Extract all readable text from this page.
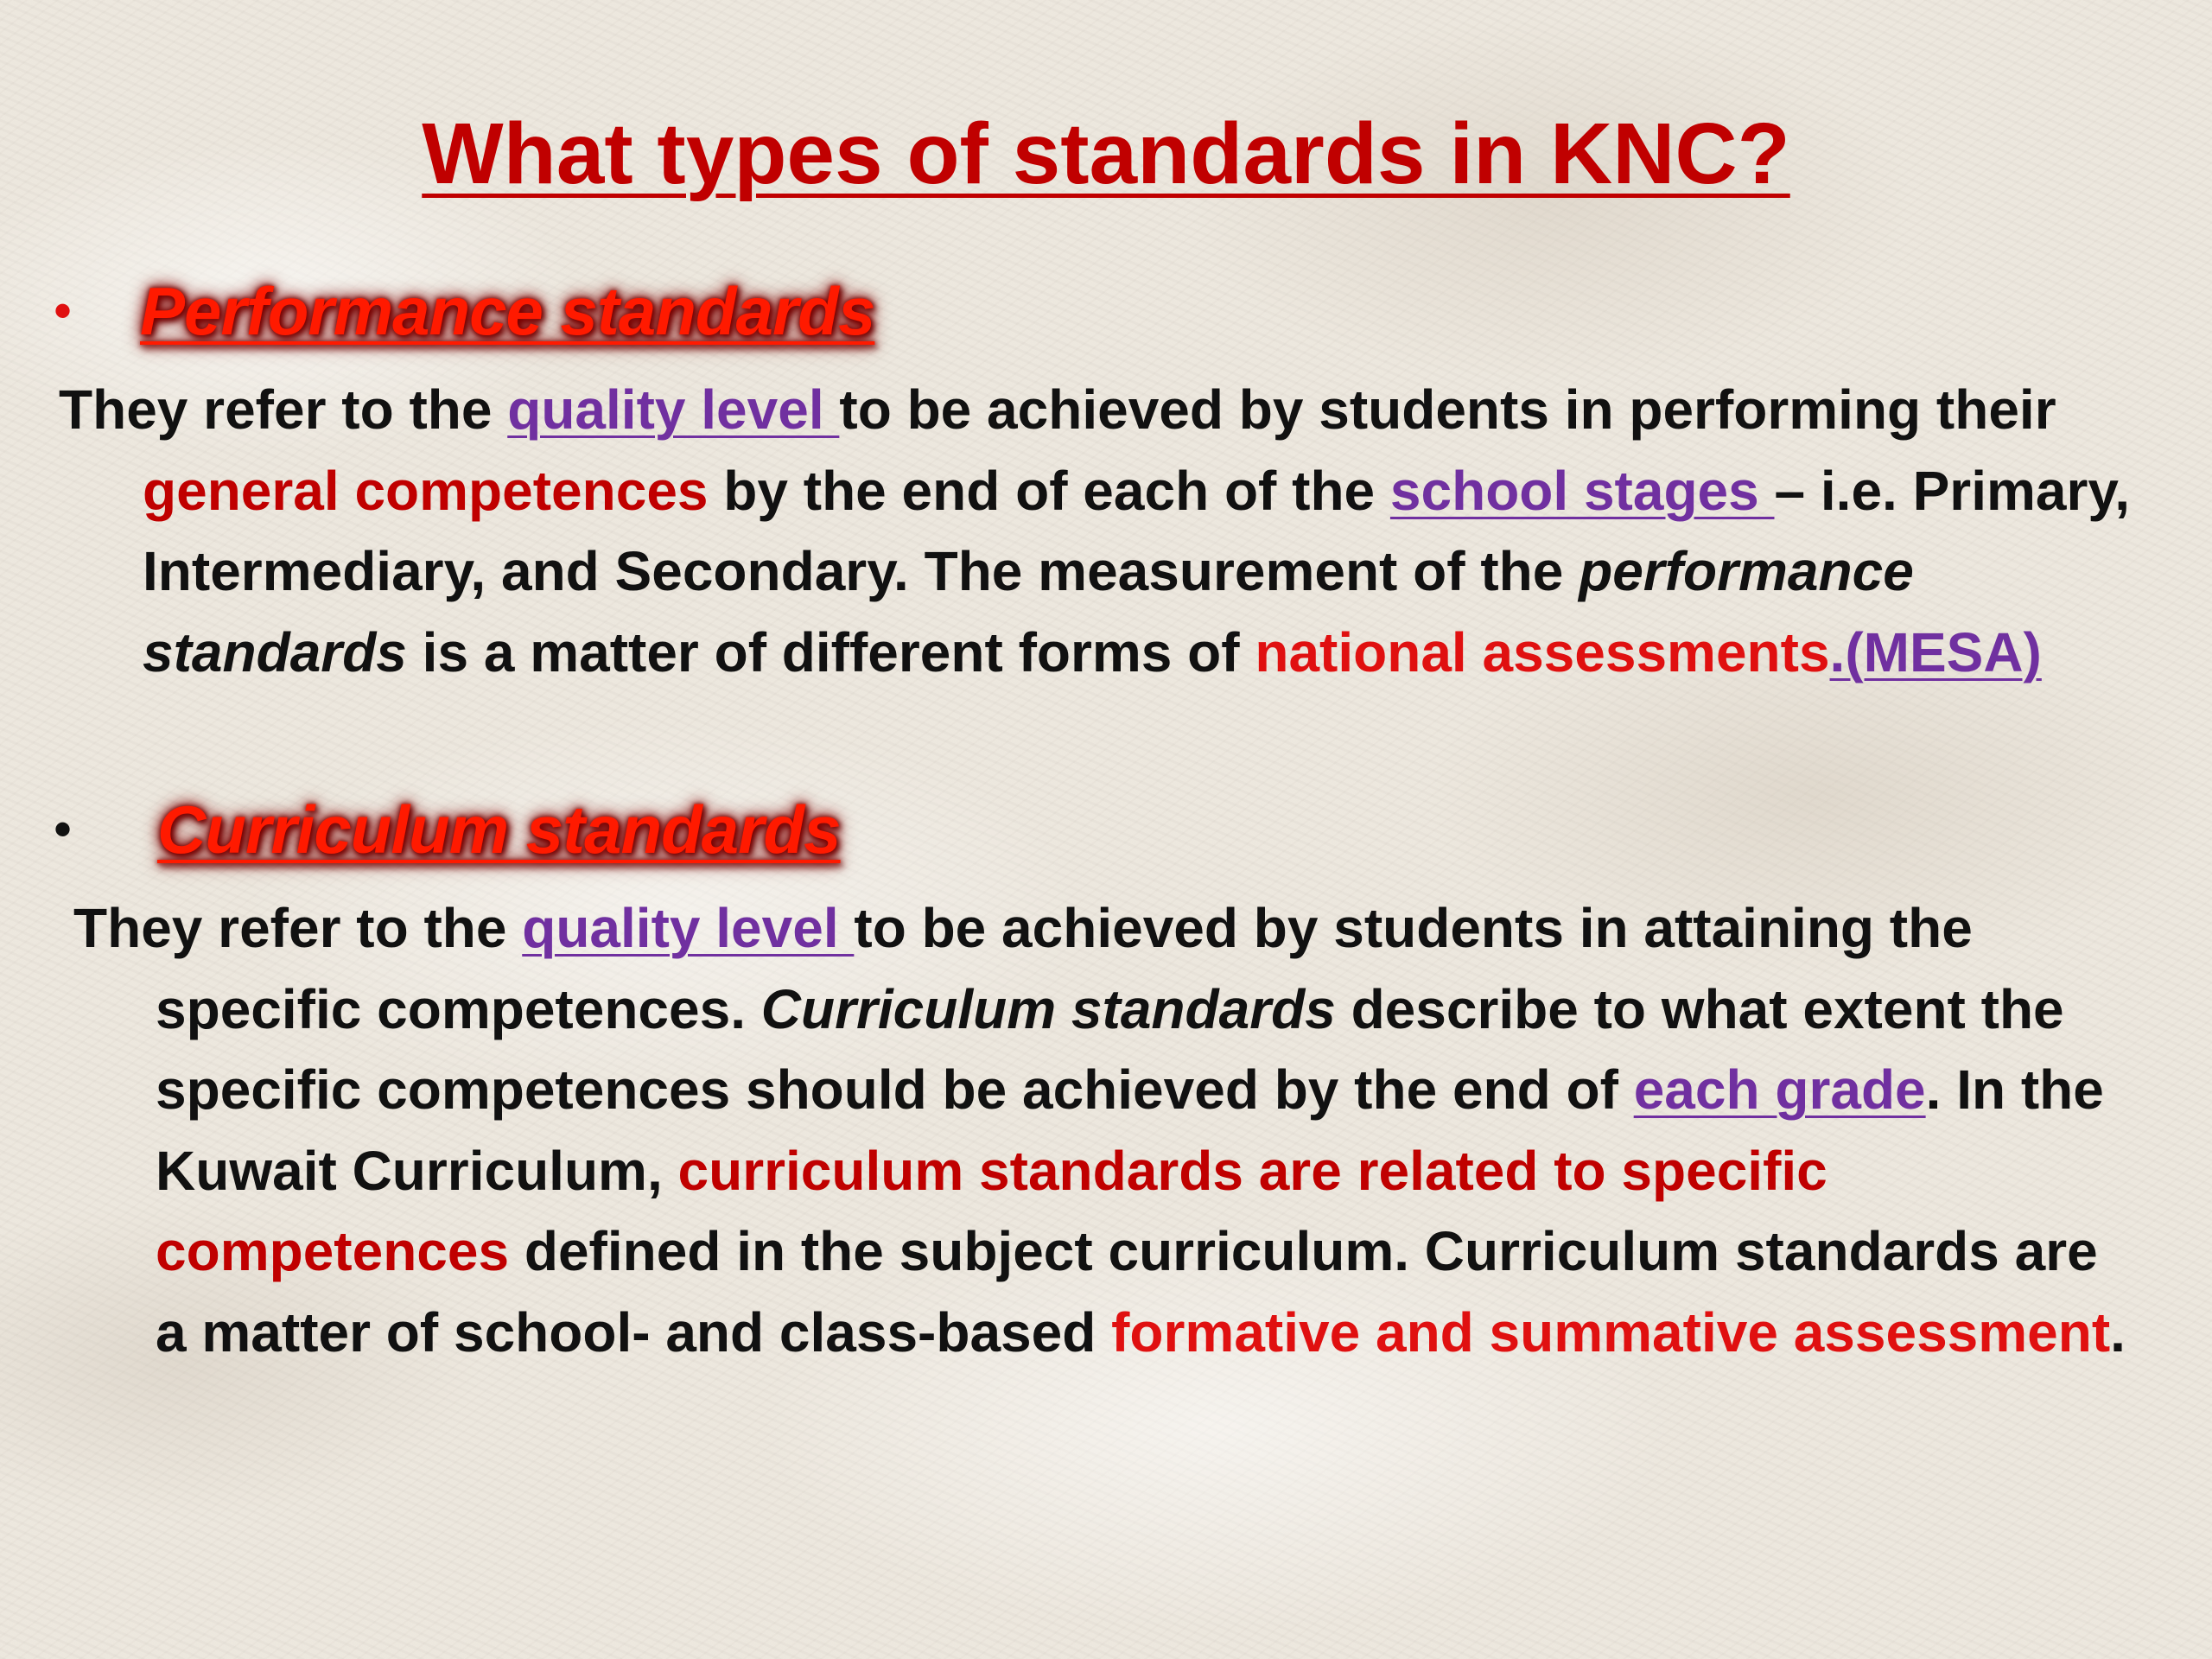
What types of standards in KNC?
•	Performance standards

They refer to the quality level to be achieved by students in performing their general competences by the end of each of the school stages – i.e. Primary, Intermediary, and Secondary. The measurement of the performance standards is a matter of different forms of national assessments.(MESA)

•	Curriculum standards

They refer to the quality level to be achieved by students in attaining the specific competences. Curriculum standards describe to what extent the specific competences should be achieved by the end of each grade. In the Kuwait Curriculum, curriculum standards are related to specific competences defined in the subject curriculum. Curriculum standards are a matter of school- and class-based formative and summative assessment.
